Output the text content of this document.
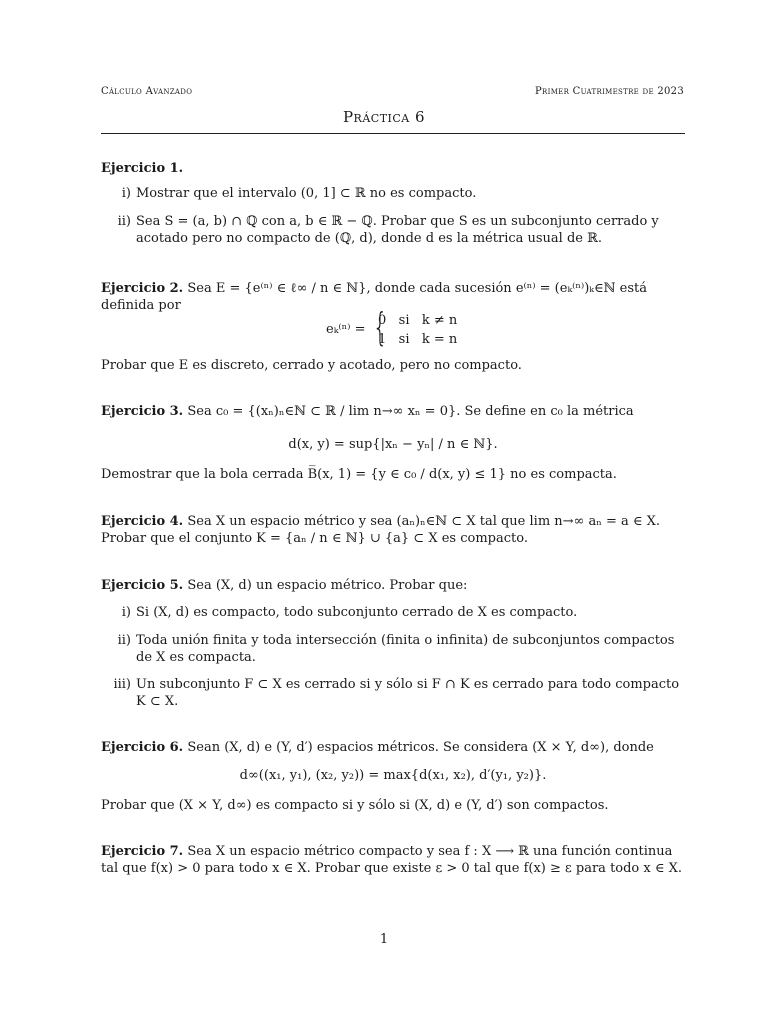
Cálculo Avanzado	Primer Cuatrimestre de 2023
Práctica 6

Ejercicio 1.

i) Mostrar que el intervalo (0, 1] ⊂ ℝ no es compacto.
ii) Sea S = (a, b) ∩ ℚ con a, b ∈ ℝ − ℚ. Probar que S es un subconjunto cerrado y acotado pero no compacto de (ℚ, d), donde d es la métrica usual de ℝ.

Ejercicio 2. Sea E = {e⁽ⁿ⁾ ∈ ℓ∞ / n ∈ ℕ}, donde cada sucesión e⁽ⁿ⁾ = (eₖ⁽ⁿ⁾)ₖ∈ℕ está definida por

eₖ⁽ⁿ⁾ = {
0   si   k ≠ n
1   si   k = n

Probar que E es discreto, cerrado y acotado, pero no compacto.

Ejercicio 3. Sea c₀ = {(xₙ)ₙ∈ℕ ⊂ ℝ / lim n→∞ xₙ = 0}. Se define en c₀ la métrica

d(x, y) = sup{|xₙ − yₙ| / n ∈ ℕ}.

Demostrar que la bola cerrada B̅(x, 1) = {y ∈ c₀ / d(x, y) ≤ 1} no es compacta.

Ejercicio 4. Sea X un espacio métrico y sea (aₙ)ₙ∈ℕ ⊂ X tal que lim n→∞ aₙ = a ∈ X. Probar que el conjunto K = {aₙ / n ∈ ℕ} ∪ {a} ⊂ X es compacto.

Ejercicio 5. Sea (X, d) un espacio métrico. Probar que:

i) Si (X, d) es compacto, todo subconjunto cerrado de X es compacto.
ii) Toda unión finita y toda intersección (finita o infinita) de subconjuntos compactos de X es compacta.
iii) Un subconjunto F ⊂ X es cerrado si y sólo si F ∩ K es cerrado para todo compacto K ⊂ X.

Ejercicio 6. Sean (X, d) e (Y, d′) espacios métricos. Se considera (X × Y, d∞), donde

d∞((x₁, y₁), (x₂, y₂)) = max{d(x₁, x₂), d′(y₁, y₂)}.

Probar que (X × Y, d∞) es compacto si y sólo si (X, d) e (Y, d′) son compactos.

Ejercicio 7. Sea X un espacio métrico compacto y sea f : X ⟶ ℝ una función continua tal que f(x) > 0 para todo x ∈ X. Probar que existe ε > 0 tal que f(x) ≥ ε para todo x ∈ X.

1
